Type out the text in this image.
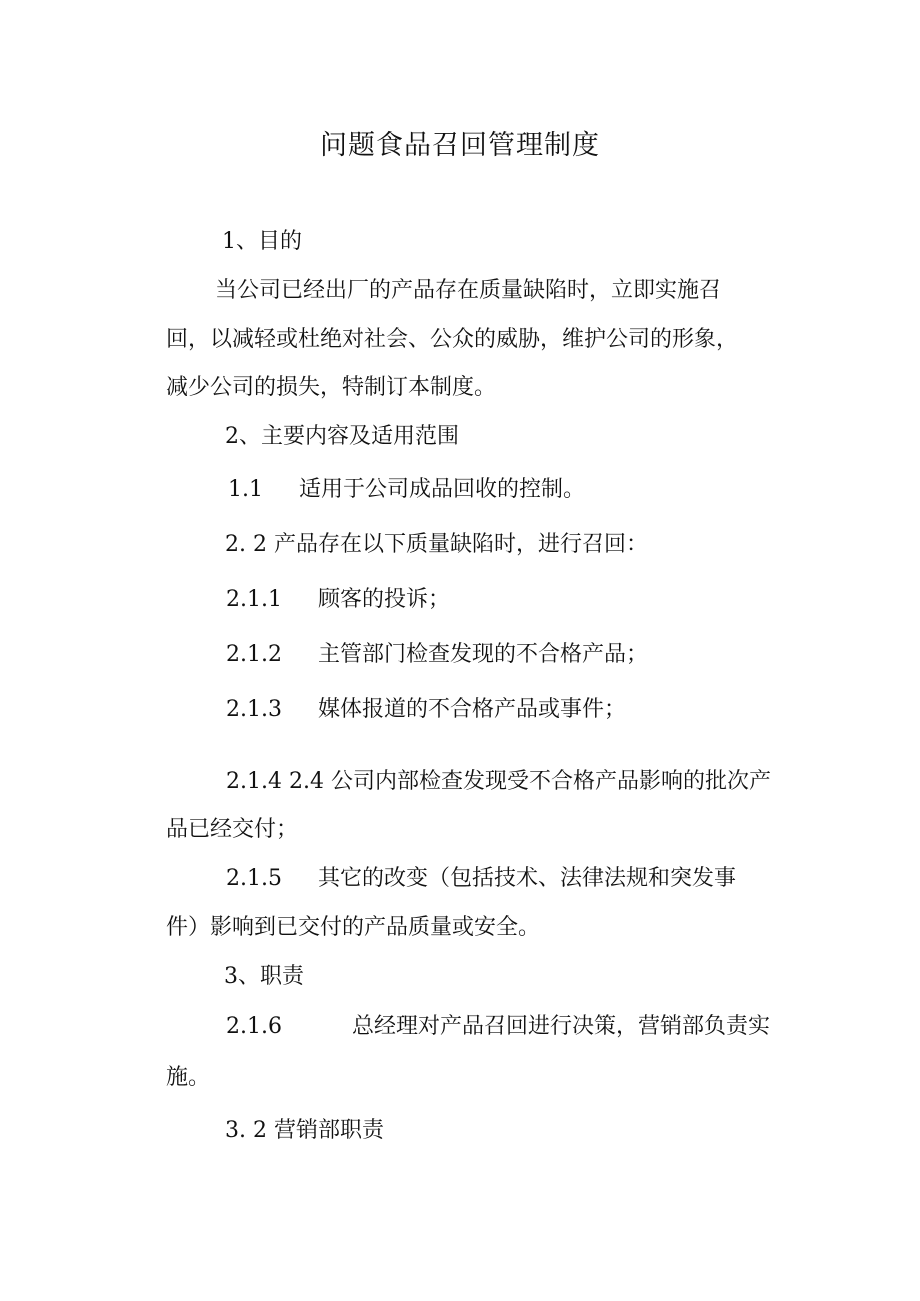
问题食品召回管理制度
1、目的
当公司已经出厂的产品存在质量缺陷时，立即实施召
回，以减轻或杜绝对社会、公众的威胁，维护公司的形象，
减少公司的损失，特制订本制度。
2、主要内容及适用范围
1.1 适用于公司成品回收的控制。
2. 2 产品存在以下质量缺陷时，进行召回：
2.1.1 顾客的投诉；
2.1.2 主管部门检查发现的不合格产品；
2.1.3 媒体报道的不合格产品或事件；
2.1.4 2.4 公司内部检查发现受不合格产品影响的批次产
品已经交付；
2.1.5 其它的改变（包括技术、法律法规和突发事
件）影响到已交付的产品质量或安全。
3、职责
2.1.6	总经理对产品召回进行决策，营销部负责实
施。
3. 2 营销部职责
